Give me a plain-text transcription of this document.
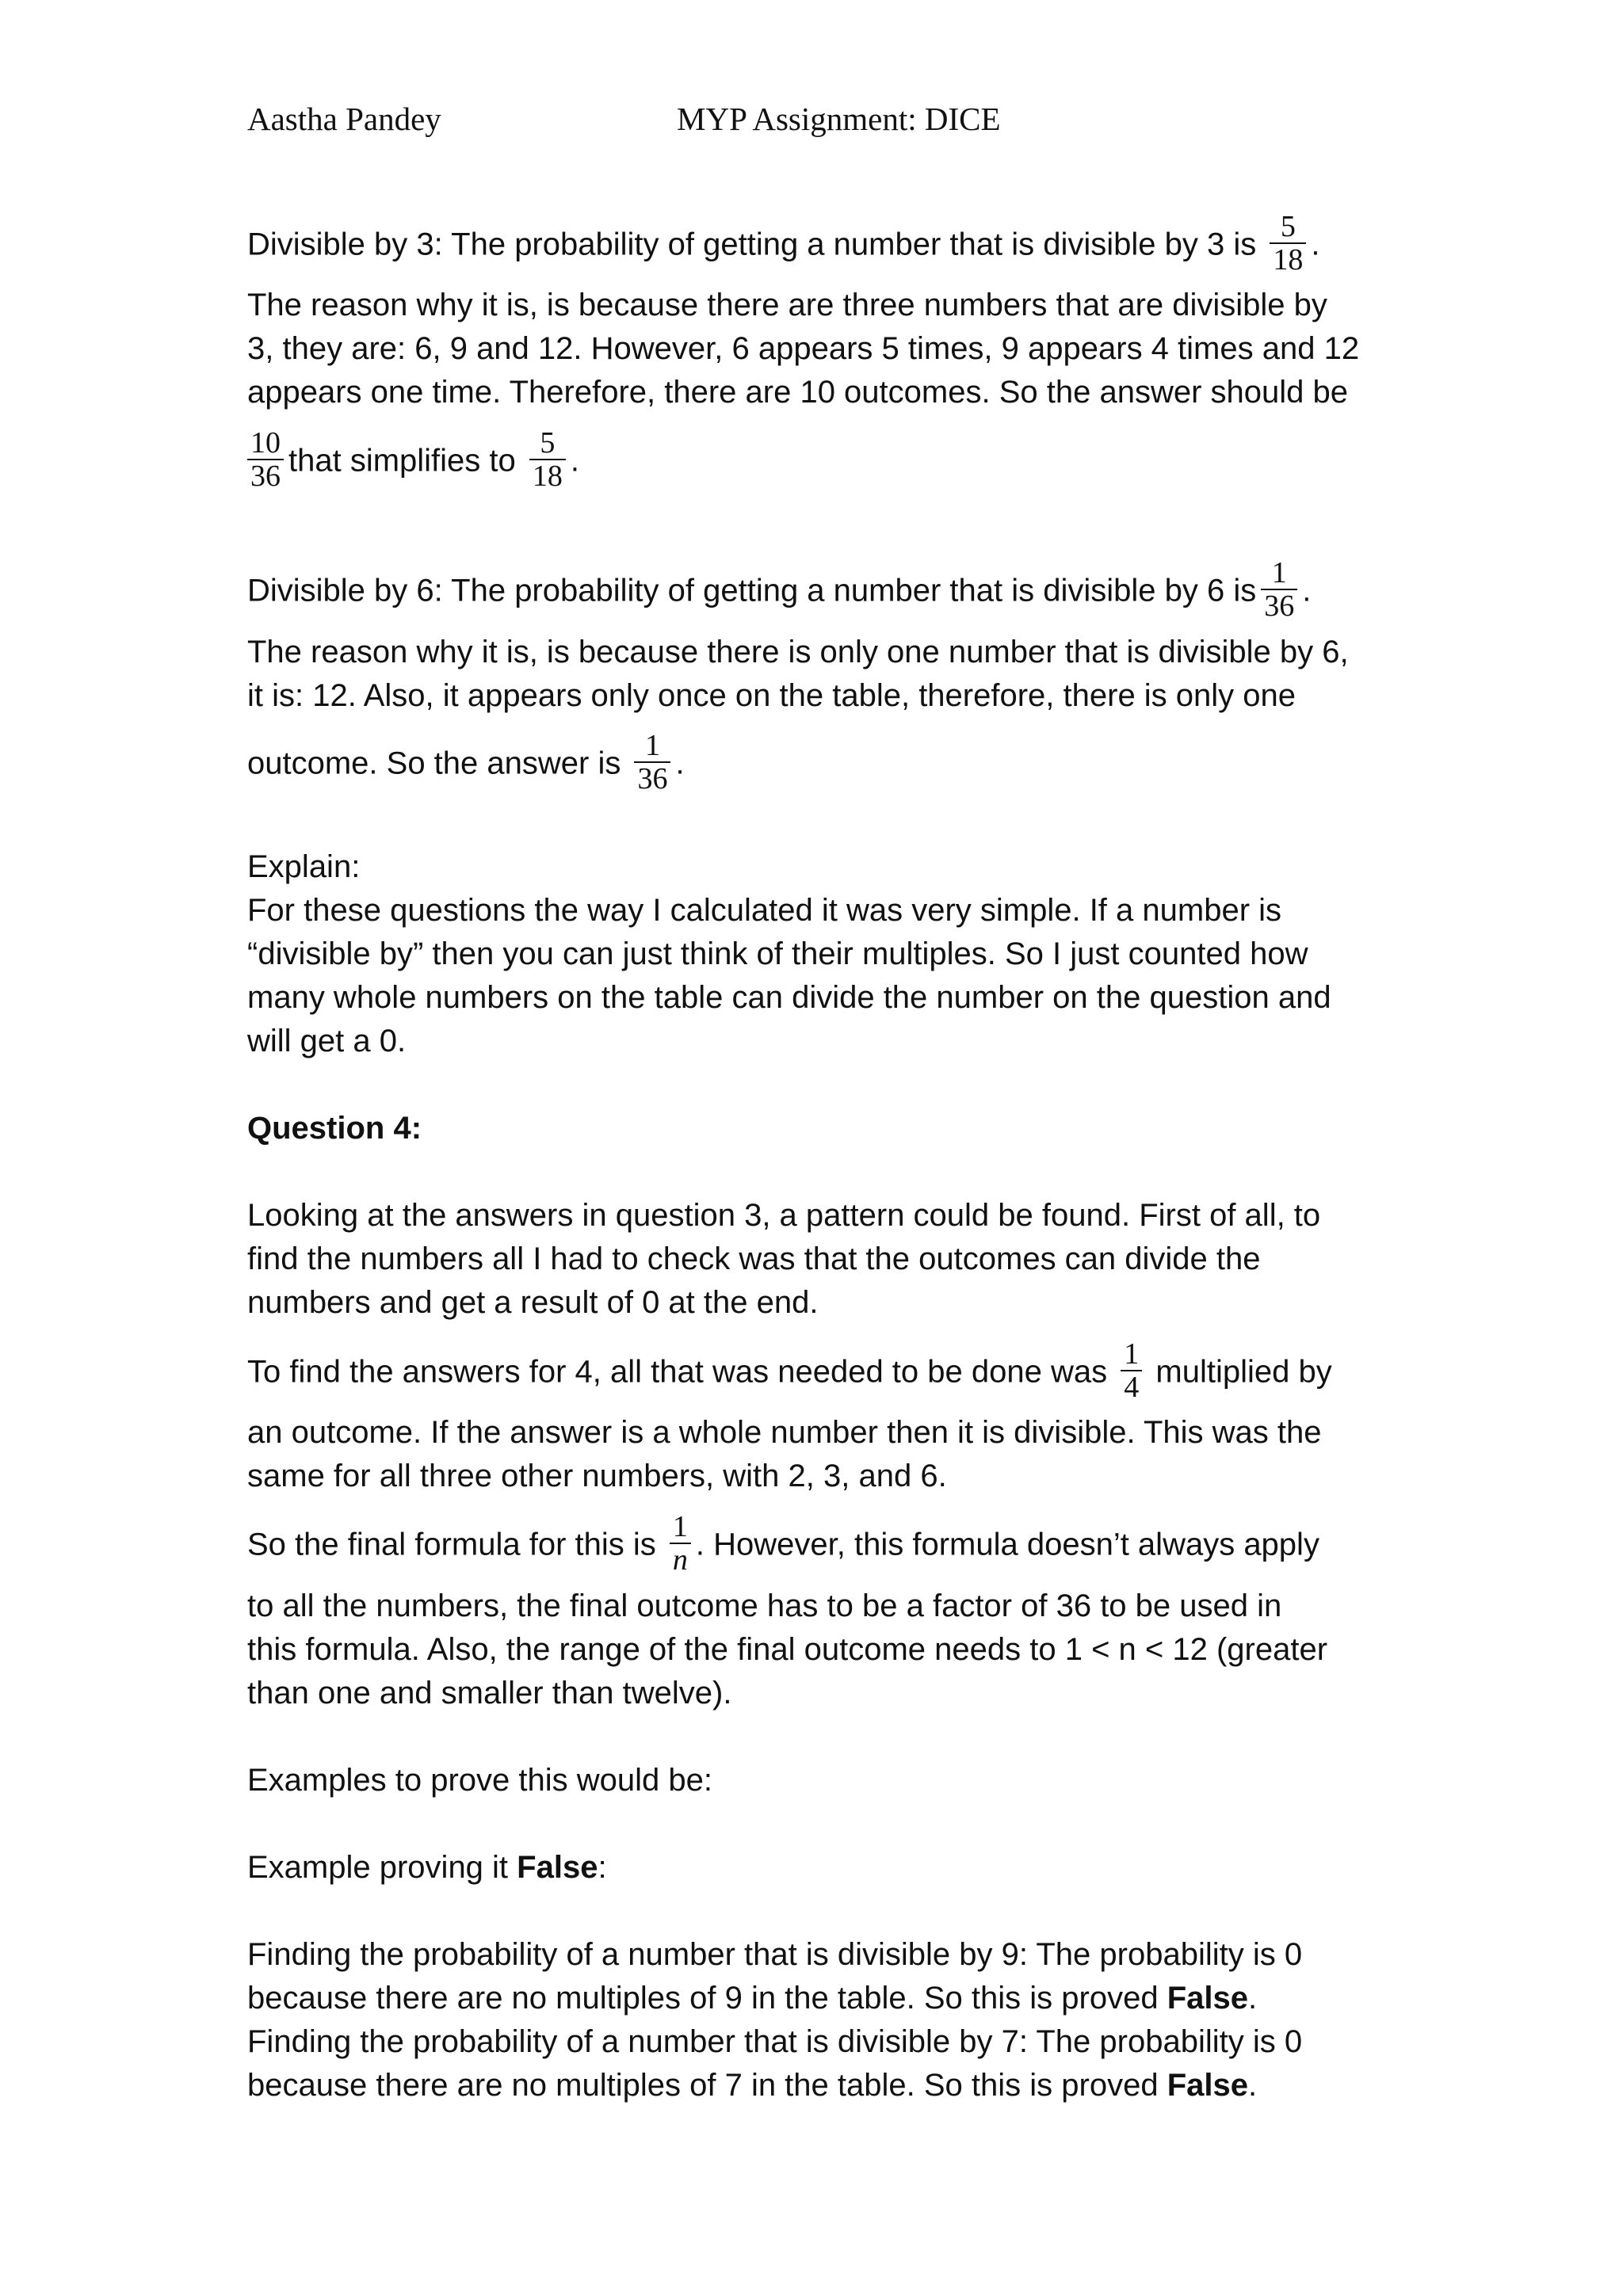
Aastha Pandey	MYP Assignment: DICE
Divisible by 3: The probability of getting a number that is divisible by 3 is $\frac{5}{18}$ .
The reason why it is, is because there are three numbers that are divisible by
3, they are: 6, 9 and 12. However, 6 appears 5 times, 9 appears 4 times and 12
appears one time. Therefore, there are 10 outcomes. So the answer should be
$\frac{10}{36}$ that simplifies to $\frac{5}{18}$ .
Divisible by 6: The probability of getting a number that is divisible by 6 is $\frac{1}{36}$ .
The reason why it is, is because there is only one number that is divisible by 6,
it is: 12. Also, it appears only once on the table, therefore, there is only one
outcome. So the answer is $\frac{1}{36}$ .
Explain:
For these questions the way I calculated it was very simple. If a number is
“divisible by” then you can just think of their multiples. So I just counted how
many whole numbers on the table can divide the number on the question and
will get a 0.
Question 4:
Looking at the answers in question 3, a pattern could be found. First of all, to
find the numbers all I had to check was that the outcomes can divide the
numbers and get a result of 0 at the end.
To find the answers for 4, all that was needed to be done was $\frac{1}{4}$ multiplied by
an outcome. If the answer is a whole number then it is divisible. This was the
same for all three other numbers, with 2, 3, and 6.
So the final formula for this is $\frac{1}{n}$ . However, this formula doesn’t always apply
to all the numbers, the final outcome has to be a factor of 36 to be used in
this formula. Also, the range of the final outcome needs to 1 < n < 12 (greater
than one and smaller than twelve).
Examples to prove this would be:
Example proving it False:
Finding the probability of a number that is divisible by 9: The probability is 0
because there are no multiples of 9 in the table. So this is proved False.
Finding the probability of a number that is divisible by 7: The probability is 0
because there are no multiples of 7 in the table. So this is proved False.
